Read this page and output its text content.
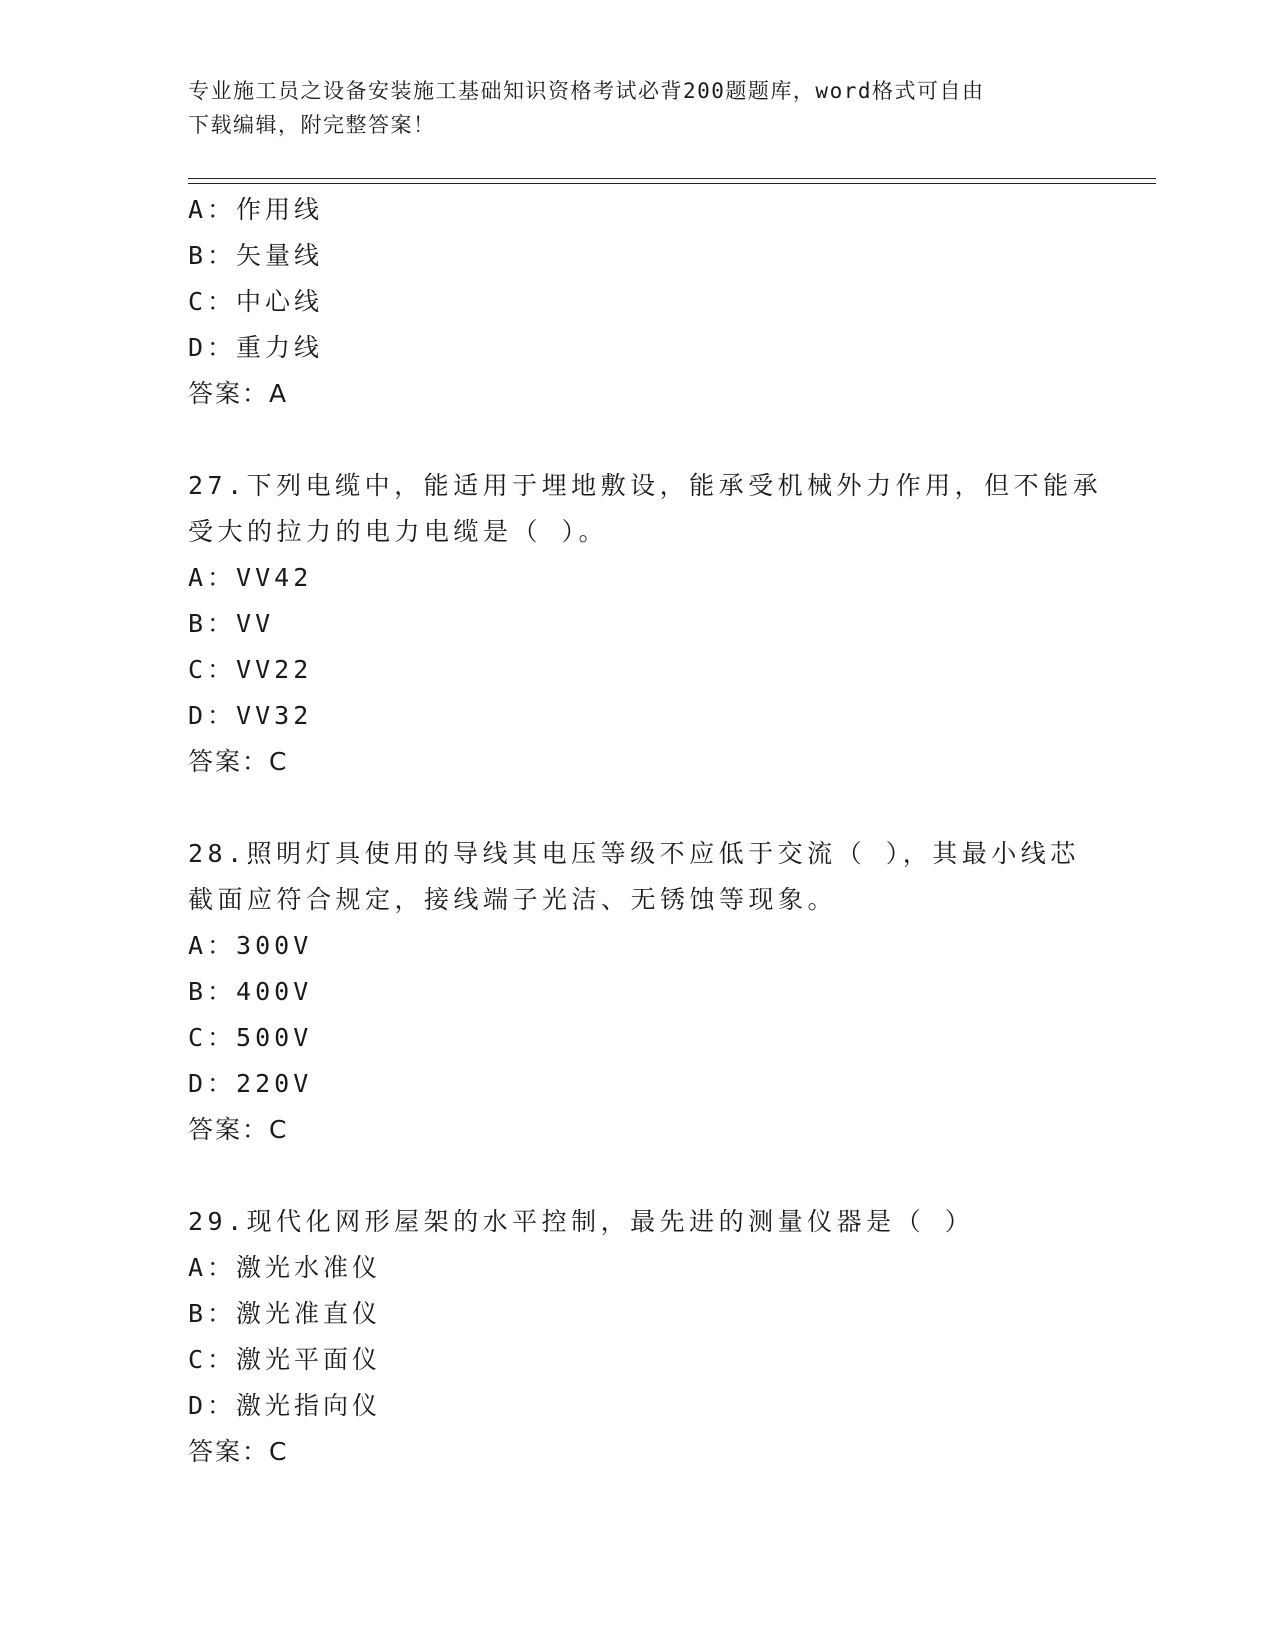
专业施工员之设备安装施工基础知识资格考试必背200题题库，word格式可自由
下载编辑，附完整答案！
A：作用线
B：矢量线
C：中心线
D：重力线
答案：A
27.下列电缆中，能适用于埋地敷设，能承受机械外力作用，但不能承
受大的拉力的电力电缆是（ ）。
A：VV42
B：VV
C：VV22
D：VV32
答案：C
28.照明灯具使用的导线其电压等级不应低于交流（ ），其最小线芯
截面应符合规定，接线端子光洁、无锈蚀等现象。
A：300V
B：400V
C：500V
D：220V
答案：C
29.现代化网形屋架的水平控制，最先进的测量仪器是（ ）
A：激光水准仪
B：激光准直仪
C：激光平面仪
D：激光指向仪
答案：C
